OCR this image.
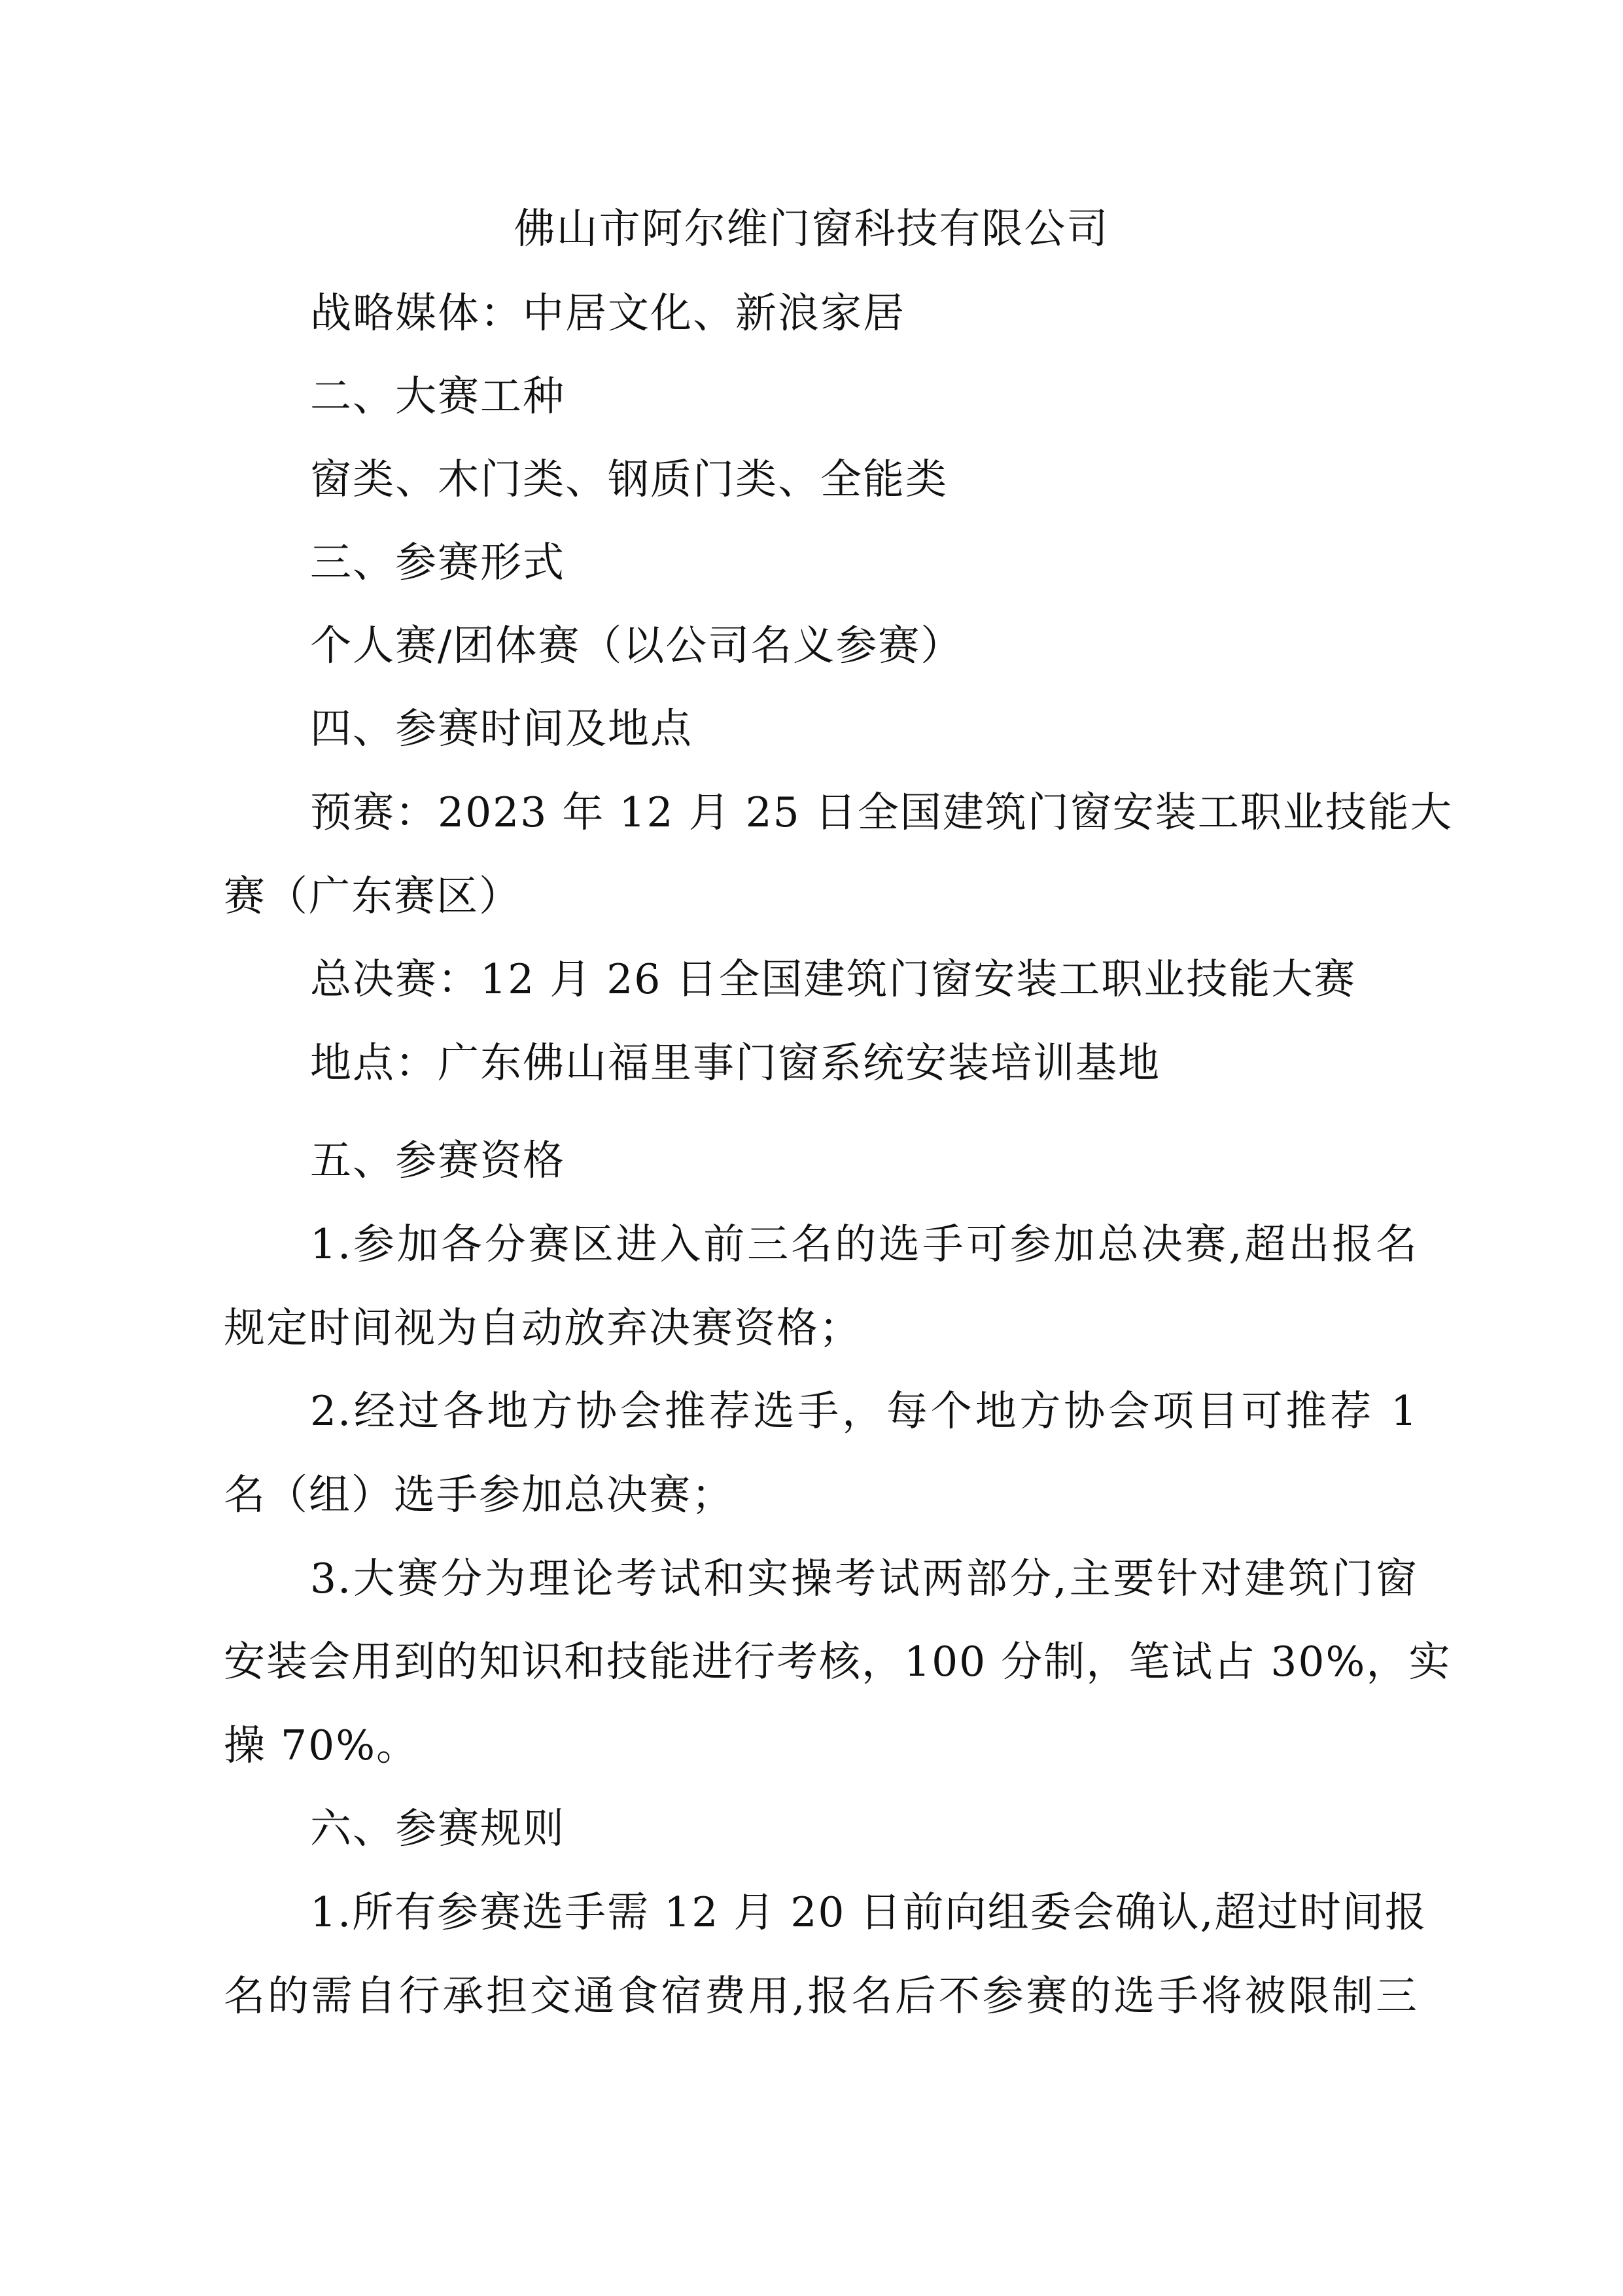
佛山市阿尔维门窗科技有限公司
战略媒体：中居文化、新浪家居
二、大赛工种
窗类、木门类、钢质门类、全能类
三、参赛形式
个人赛/团体赛（以公司名义参赛）
四、参赛时间及地点
预赛：2023 年 12 月 25 日全国建筑门窗安装工职业技能大
赛（广东赛区）
总决赛：12 月 26 日全国建筑门窗安装工职业技能大赛
地点：广东佛山福里事门窗系统安装培训基地
五、参赛资格
1.参加各分赛区进入前三名的选手可参加总决赛,超出报名
规定时间视为自动放弃决赛资格；
2.经过各地方协会推荐选手，每个地方协会项目可推荐 1
名（组）选手参加总决赛；
3.大赛分为理论考试和实操考试两部分,主要针对建筑门窗
安装会用到的知识和技能进行考核，100 分制，笔试占 30%，实
操 70%。
六、参赛规则
1.所有参赛选手需 12 月 20 日前向组委会确认,超过时间报
名的需自行承担交通食宿费用,报名后不参赛的选手将被限制三
